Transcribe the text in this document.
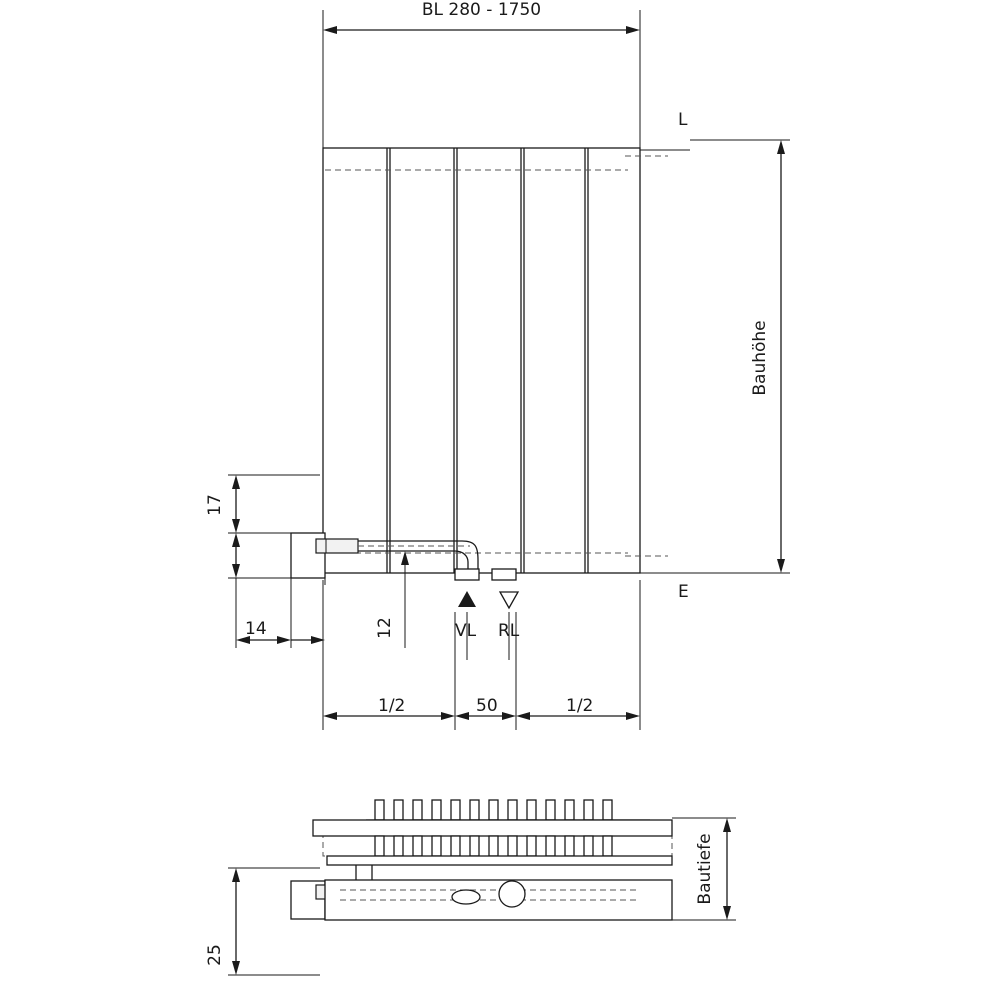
L
E
Bauhöhe
VL RL
17
14	12
1/2	50	1/2
Bautiefe
25
BL 280 - 1750
